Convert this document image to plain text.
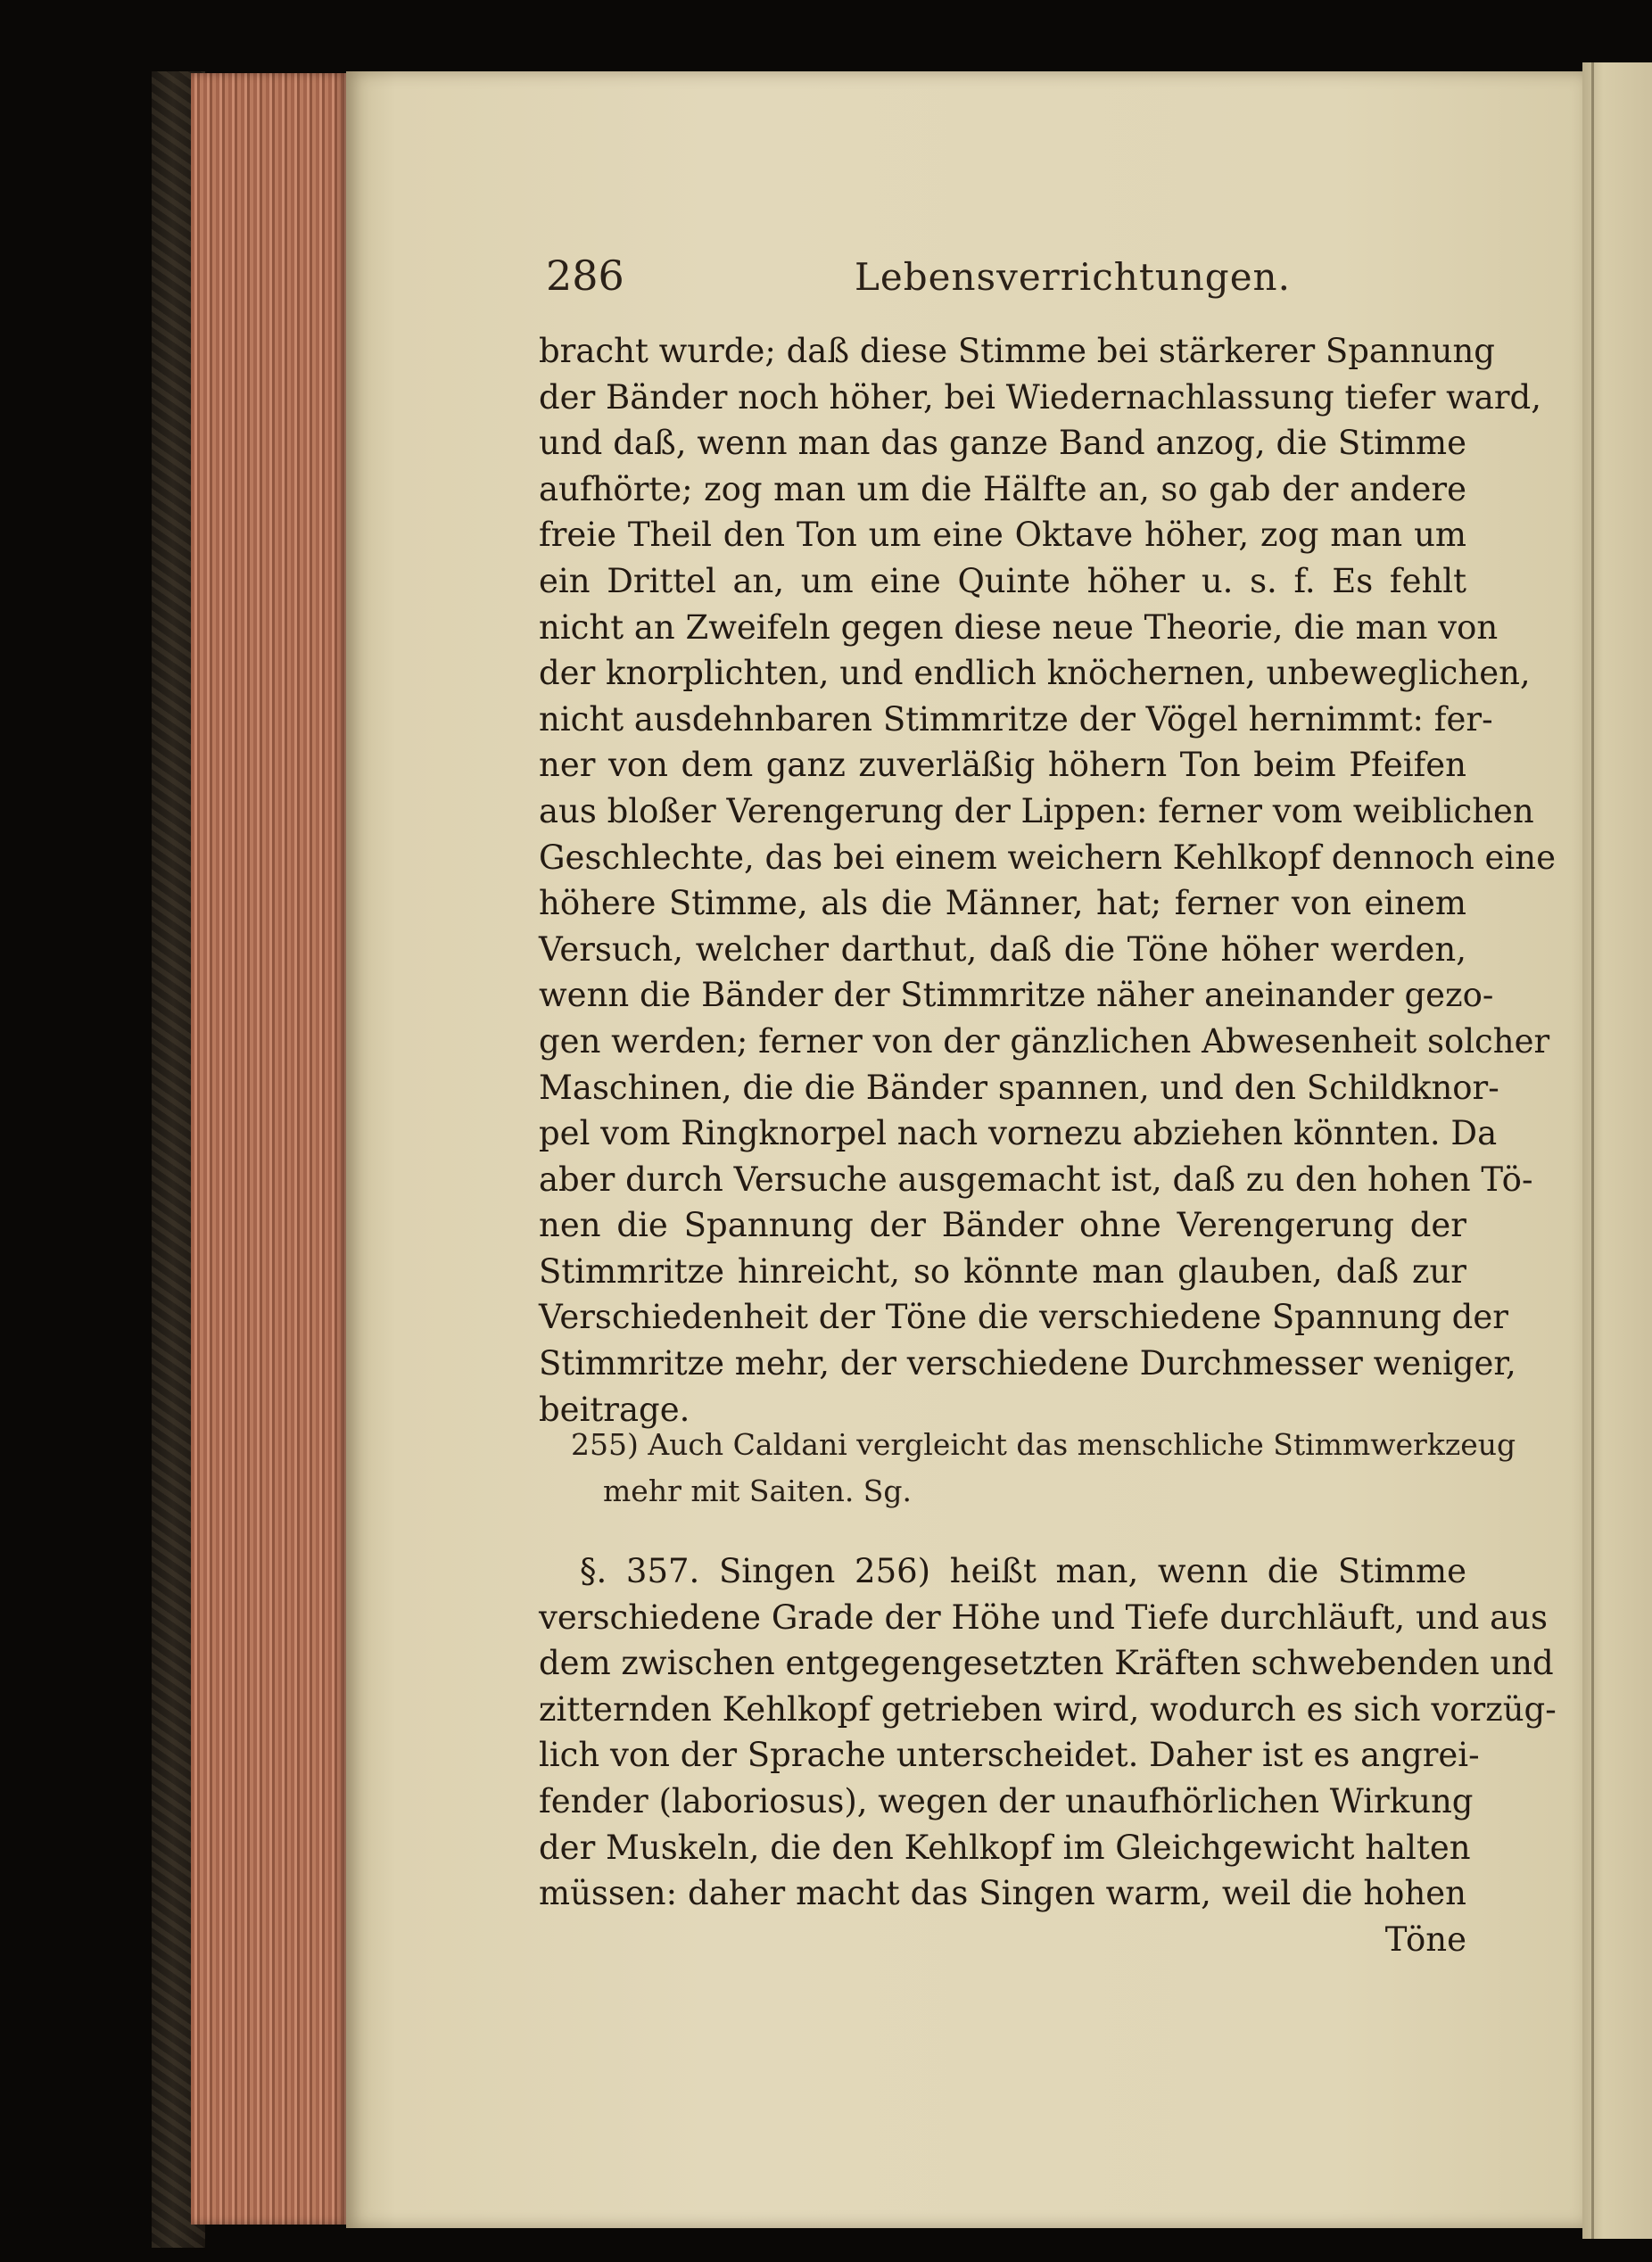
286	Lebensverrichtungen.
bracht wurde; daß diese Stimme bei stärkerer Spannung
der Bänder noch höher, bei Wiedernachlassung tiefer ward,
und daß, wenn man das ganze Band anzog, die Stimme
aufhörte; zog man um die Hälfte an, so gab der andere
freie Theil den Ton um eine Oktave höher, zog man um
ein Drittel an, um eine Quinte höher u. s. f. Es fehlt
nicht an Zweifeln gegen diese neue Theorie, die man von
der knorplichten, und endlich knöchernen, unbeweglichen,
nicht ausdehnbaren Stimmritze der Vögel hernimmt: fer-
ner von dem ganz zuverläßig höhern Ton beim Pfeifen
aus bloßer Verengerung der Lippen: ferner vom weiblichen
Geschlechte, das bei einem weichern Kehlkopf dennoch eine
höhere Stimme, als die Männer, hat; ferner von einem
Versuch, welcher darthut, daß die Töne höher werden,
wenn die Bänder der Stimmritze näher aneinander gezo-
gen werden; ferner von der gänzlichen Abwesenheit solcher
Maschinen, die die Bänder spannen, und den Schildknor-
pel vom Ringknorpel nach vornezu abziehen könnten. Da
aber durch Versuche ausgemacht ist, daß zu den hohen Tö-
nen die Spannung der Bänder ohne Verengerung der
Stimmritze hinreicht, so könnte man glauben, daß zur
Verschiedenheit der Töne die verschiedene Spannung der
Stimmritze mehr, der verschiedene Durchmesser weniger,
beitrage.
255) Auch Caldani vergleicht das menschliche Stimmwerkzeug
mehr mit Saiten. Sg.
§. 357. Singen 256) heißt man, wenn die Stimme
verschiedene Grade der Höhe und Tiefe durchläuft, und aus
dem zwischen entgegengesetzten Kräften schwebenden und
zitternden Kehlkopf getrieben wird, wodurch es sich vorzüg-
lich von der Sprache unterscheidet. Daher ist es angrei-
fender (laboriosus), wegen der unaufhörlichen Wirkung
der Muskeln, die den Kehlkopf im Gleichgewicht halten
müssen: daher macht das Singen warm, weil die hohen
Töne
